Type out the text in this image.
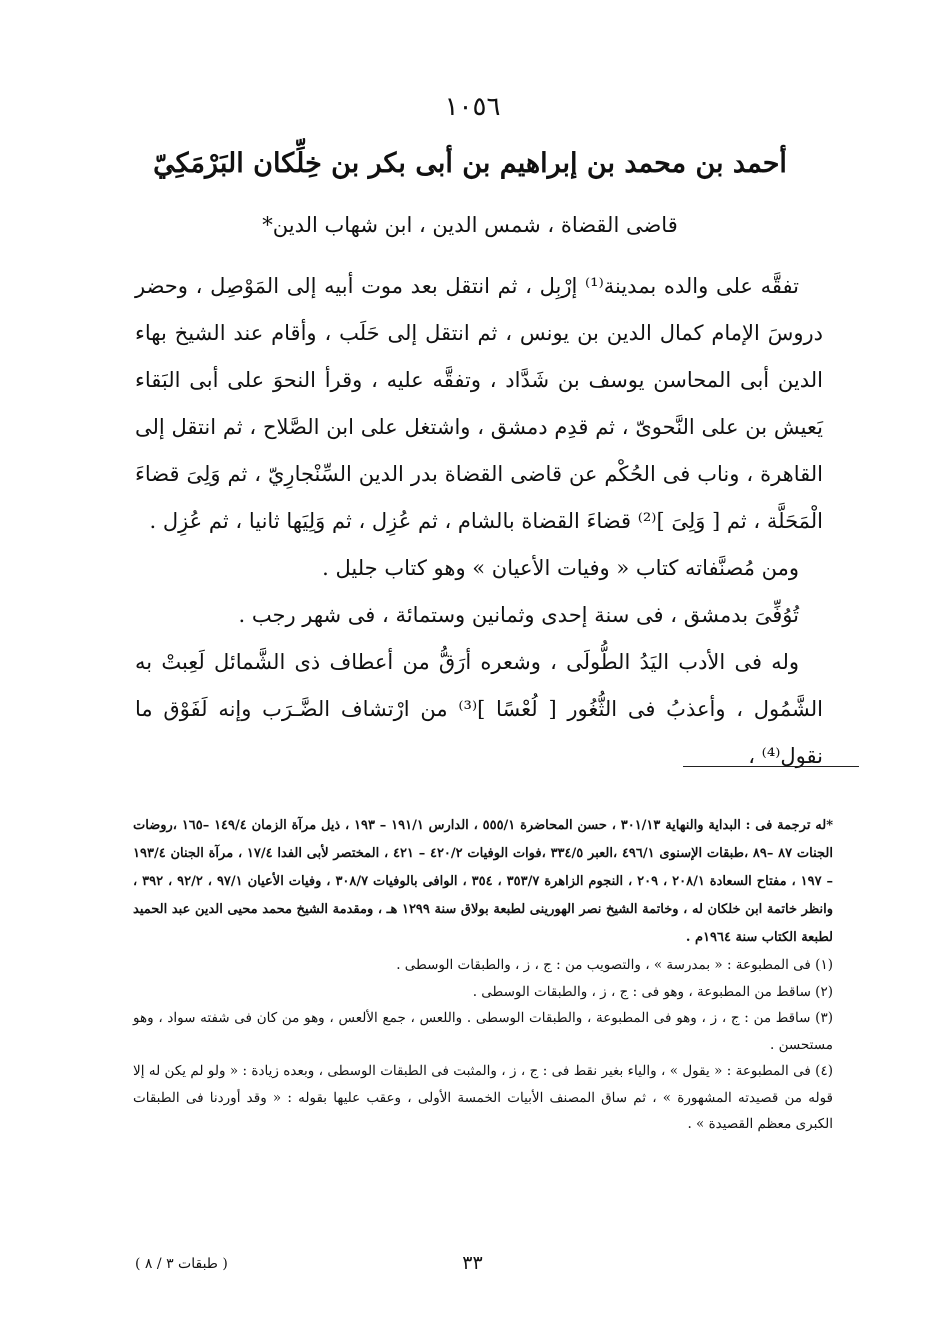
١٠٥٦
أحمد بن محمد بن إبراهيم بن أبى بكر بن خِلِّكان البَرْمَكِيّ
قاضى القضاة ، شمس الدين ، ابن شهاب الدين*

تفقَّه على والده بمدينة⁽¹⁾ إرْبِل ، ثم انتقل بعد موت أبيه إلى المَوْصِل ، وحضر دروسَ الإمام كمال الدين بن يونس ، ثم انتقل إلى حَلَب ، وأقام عند الشيخ بهاء الدين أبى المحاسن يوسف بن شَدَّاد ، وتفقَّه عليه ، وقرأ النحوَ على أبى البَقاء يَعيش بن على النَّحوىّ ، ثم قدِم دمشق ، واشتغل على ابن الصَّلاح ، ثم انتقل إلى القاهرة ، وناب فى الحُكْم عن قاضى القضاة بدر الدين السِّنْجارِيّ ، ثم وَلِىَ قضاءَ الْمَحَلَّة ، ثم [ وَلِىَ ]⁽²⁾ قضاءَ القضاة بالشام ، ثم عُزِل ، ثم وَلِيَها ثانيا ، ثم عُزِل .

ومن مُصنَّفاته كتاب « وفيات الأعيان » وهو كتاب جليل .

تُوُفِّىَ بدمشق ، فى سنة إحدى وثمانين وستمائة ، فى شهر رجب .

وله فى الأدب اليَدُ الطُّولَى ، وشعره أرَقُّ من أعطاف ذى الشَّمائل لَعِبتْ به الشَّمُول ، وأعذبُ فى الثُّغُور [ لُعْسًا ]⁽³⁾ من ارْتشاف الضَّـرَب وإنه لَفَوْق ما نقول⁽⁴⁾ ،

*له ترجمة فى : البداية والنهاية ٣٠١/١٣ ، حسن المحاضرة ٥٥٥/١ ، الدارس ١٩١/١ – ١٩٣ ، ذيل مرآة الزمان ١٤٩/٤ –١٦٥ ،روضات الجنات ٨٧ –٨٩ ،طبقات الإسنوى ٤٩٦/١ ،العبر ٣٣٤/٥ ،فوات الوفيات ٤٢٠/٢ – ٤٢١ ، المختصر لأبى الفدا ١٧/٤ ، مرآة الجنان ١٩٣/٤ – ١٩٧ ، مفتاح السعادة ٢٠٨/١ ، ٢٠٩ ، النجوم الزاهرة ٣٥٣/٧ ، ٣٥٤ ، الوافى بالوفيات ٣٠٨/٧ ، وفيات الأعيان ٩٧/١ ، ٩٢/٢ ، ٣٩٢ ، وانظر خاتمة ابن خلكان له ، وخاتمة الشيخ نصر الهورينى لطبعة بولاق سنة ١٢٩٩ هـ ، ومقدمة الشيخ محمد محيى الدين عبد الحميد لطبعة الكتاب سنة ١٩٦٤م .

(١) فى المطبوعة : « بمدرسة » ، والتصويب من : ج ، ز ، والطبقات الوسطى .

(٢) ساقط من المطبوعة ، وهو فى : ج ، ز ، والطبقات الوسطى .

(٣) ساقط من : ج ، ز ، وهو فى المطبوعة ، والطبقات الوسطى . واللعس ، جمع الألعس ، وهو من كان فى شفته سواد ، وهو مستحسن .

(٤) فى المطبوعة : « يقول » ، والياء بغير نقط فى : ج ، ز ، والمثبت فى الطبقات الوسطى ، وبعده زيادة : « ولو لم يكن له إلا قوله من قصيدته المشهورة » ، ثم ساق المصنف الأبيات الخمسة الأولى ، وعقب عليها بقوله : « وقد أوردنا فى الطبقات الكبرى معظم القصيدة » .

٣٣
( طبقات ٣ / ٨ )
